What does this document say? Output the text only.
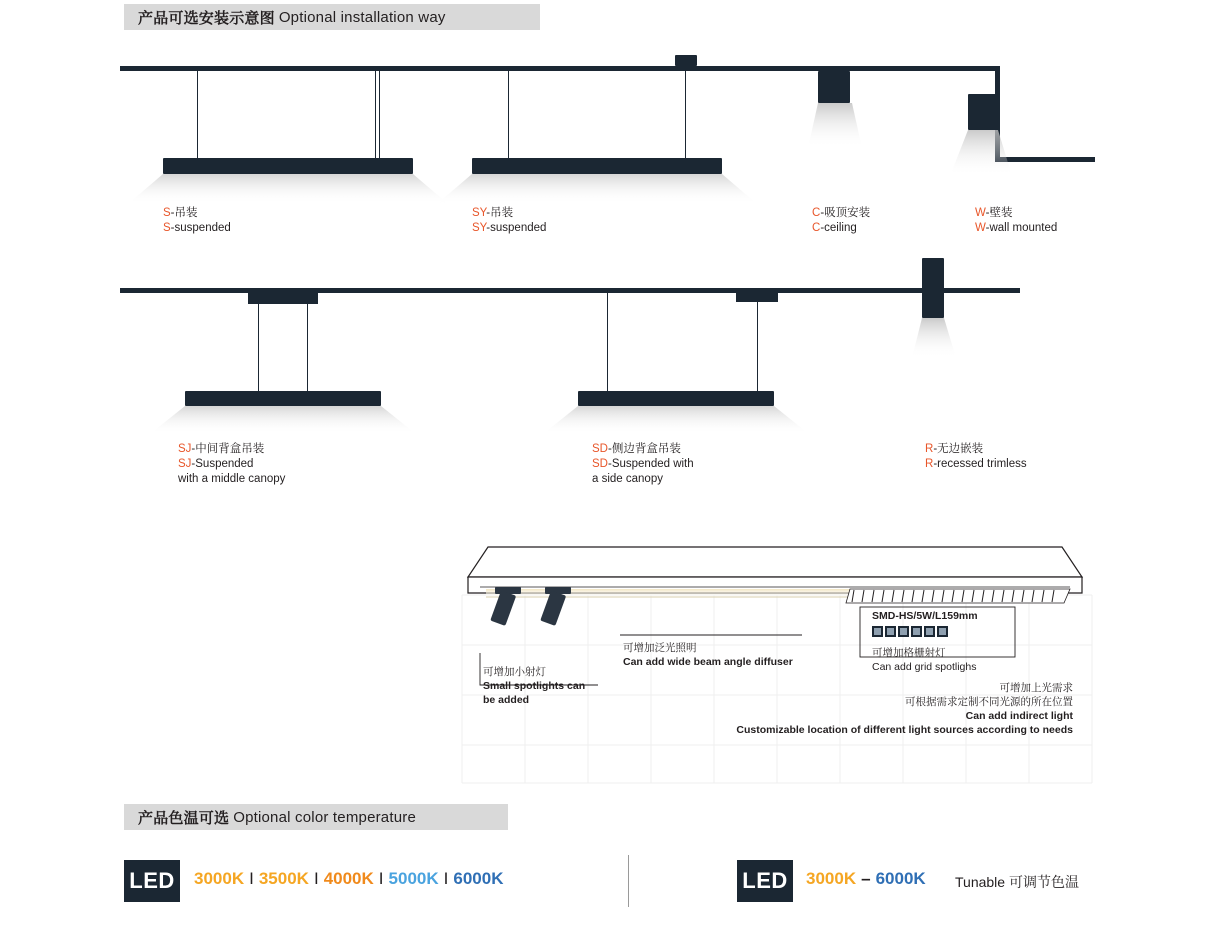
产品可选安装示意图 Optional installation way
S-吊装
S-suspended
SY-吊装
SY-suspended
C-吸顶安装
C-ceiling
W-壁装
W-wall mounted
SJ-中间背盒吊装
SJ-Suspended
with a middle canopy
SD-侧边背盒吊装
SD-Suspended with
a side canopy
R-无边嵌装
R-recessed trimless
可增加小射灯
Small spotlights can
be added
可增加泛光照明
Can add wide beam angle diffuser
SMD-HS/5W/L159mm
可增加格栅射灯
Can add grid spotlighs
可增加上光需求
可根据需求定制不同光源的所在位置
Can add indirect light
Customizable location of different light sources according to needs
产品色温可选 Optional color temperature
LED	3000K I 3500K I 4000K I 5000K I 6000K	LED	3000K – 6000K Tunable 可调节色温
